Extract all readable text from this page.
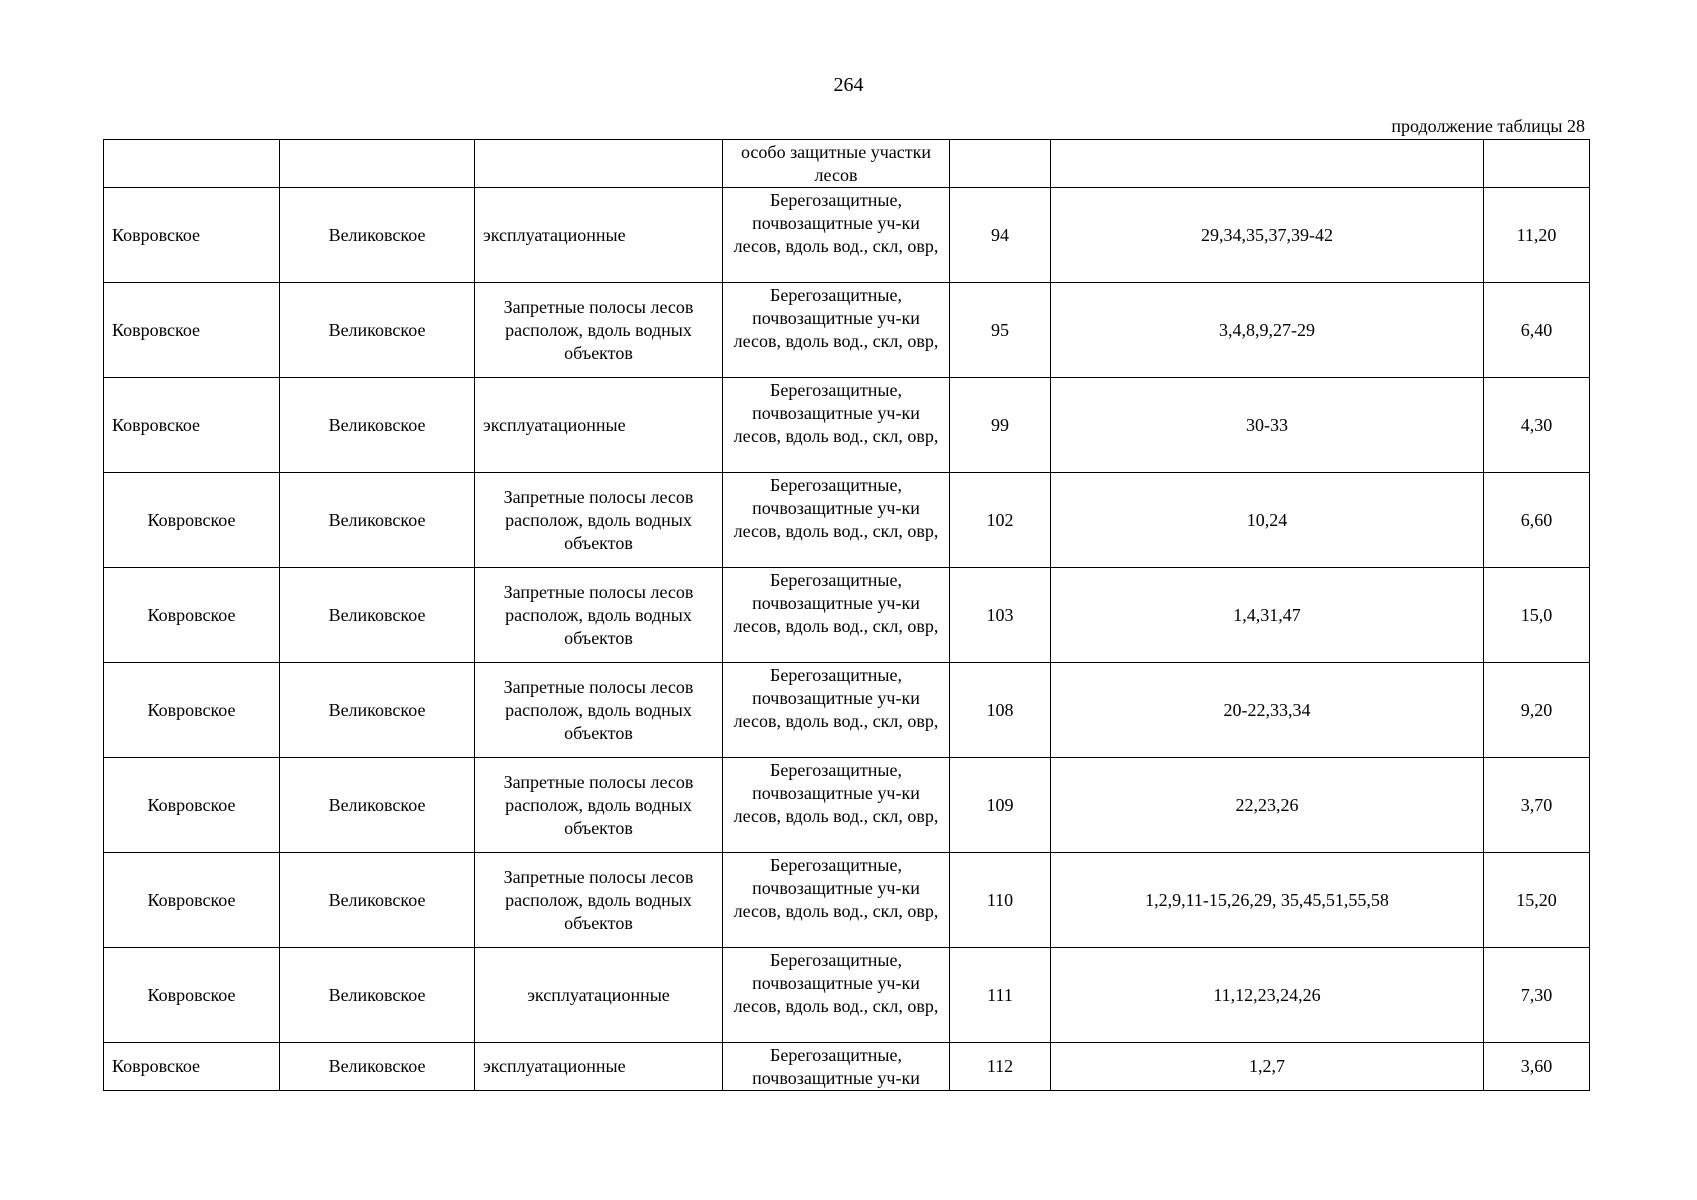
264
продолжение таблицы 28
			особо защитные участки лесов			
Ковровское	Великовское	эксплуатационные	Берегозащитные, почвозащитные уч-ки лесов, вдоль вод., скл, овр,	94	29,34,35,37,39-42	11,20
Ковровское	Великовское	Запретные полосы лесов располож, вдоль водных объектов	Берегозащитные, почвозащитные уч-ки лесов, вдоль вод., скл, овр,	95	3,4,8,9,27-29	6,40
Ковровское	Великовское	эксплуатационные	Берегозащитные, почвозащитные уч-ки лесов, вдоль вод., скл, овр,	99	30-33	4,30
Ковровское	Великовское	Запретные полосы лесов располож, вдоль водных объектов	Берегозащитные, почвозащитные уч-ки лесов, вдоль вод., скл, овр,	102	10,24	6,60
Ковровское	Великовское	Запретные полосы лесов располож, вдоль водных объектов	Берегозащитные, почвозащитные уч-ки лесов, вдоль вод., скл, овр,	103	1,4,31,47	15,0
Ковровское	Великовское	Запретные полосы лесов располож, вдоль водных объектов	Берегозащитные, почвозащитные уч-ки лесов, вдоль вод., скл, овр,	108	20-22,33,34	9,20
Ковровское	Великовское	Запретные полосы лесов располож, вдоль водных объектов	Берегозащитные, почвозащитные уч-ки лесов, вдоль вод., скл, овр,	109	22,23,26	3,70
Ковровское	Великовское	Запретные полосы лесов располож, вдоль водных объектов	Берегозащитные, почвозащитные уч-ки лесов, вдоль вод., скл, овр,	110	1,2,9,11-15,26,29, 35,45,51,55,58	15,20
Ковровское	Великовское	эксплуатационные	Берегозащитные, почвозащитные уч-ки лесов, вдоль вод., скл, овр,	111	11,12,23,24,26	7,30
Ковровское	Великовское	эксплуатационные	Берегозащитные, почвозащитные уч-ки	112	1,2,7	3,60
